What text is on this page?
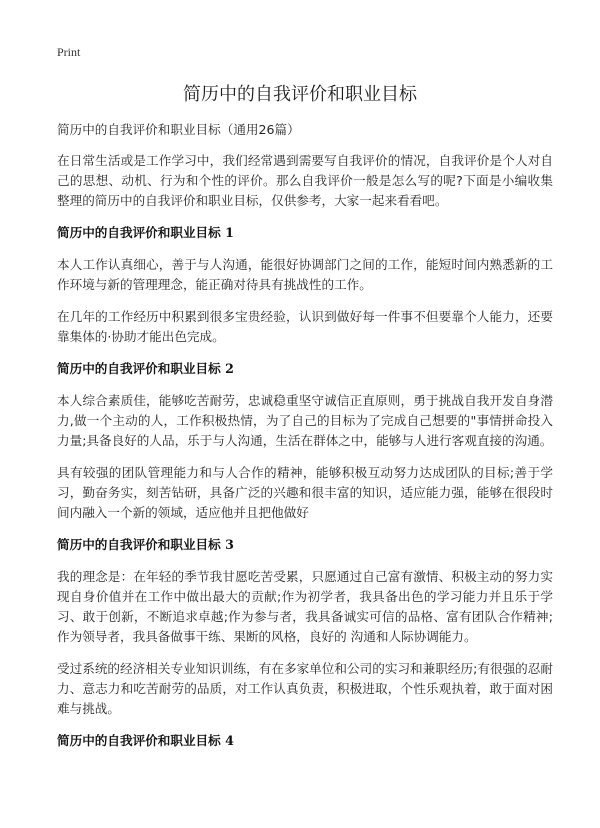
Print
简历中的自我评价和职业目标
简历中的自我评价和职业目标（通用26篇）
在日常生活或是工作学习中，我们经常遇到需要写自我评价的情况，自我评价是个人对自己的思想、动机、行为和个性的评价。那么自我评价一般是怎么写的呢?下面是小编收集整理的简历中的自我评价和职业目标，仅供参考，大家一起来看看吧。
简历中的自我评价和职业目标 1
本人工作认真细心，善于与人沟通，能很好协调部门之间的工作，能短时间内熟悉新的工作环境与新的管理理念，能正确对待具有挑战性的工作。
在几年的工作经历中积累到很多宝贵经验，认识到做好每一件事不但要靠个人能力，还要靠集体的·协助才能出色完成。
简历中的自我评价和职业目标 2
本人综合素质佳，能够吃苦耐劳，忠诚稳重坚守诚信正直原则，勇于挑战自我开发自身潜力,做一个主动的人，工作积极热情，为了自己的目标为了完成自己想要的"事情拼命投入力量;具备良好的人品，乐于与人沟通，生活在群体之中，能够与人进行客观直接的沟通。
具有较强的团队管理能力和与人合作的精神，能够积极互动努力达成团队的目标;善于学习，勤奋务实，刻苦钻研，具备广泛的兴趣和很丰富的知识，适应能力强，能够在很段时间内融入一个新的领域，适应他并且把他做好
简历中的自我评价和职业目标 3
我的理念是：在年轻的季节我甘愿吃苦受累，只愿通过自己富有激情、积极主动的努力实现自身价值并在工作中做出最大的贡献;作为初学者，我具备出色的学习能力并且乐于学习、敢于创新，不断追求卓越;作为参与者，我具备诚实可信的品格、富有团队合作精神;作为领导者，我具备做事干练、果断的风格，良好的 沟通和人际协调能力。
受过系统的经济相关专业知识训练，有在多家单位和公司的实习和兼职经历;有很强的忍耐力、意志力和吃苦耐劳的品质，对工作认真负责，积极进取，个性乐观执着，敢于面对困难与挑战。
简历中的自我评价和职业目标 4
